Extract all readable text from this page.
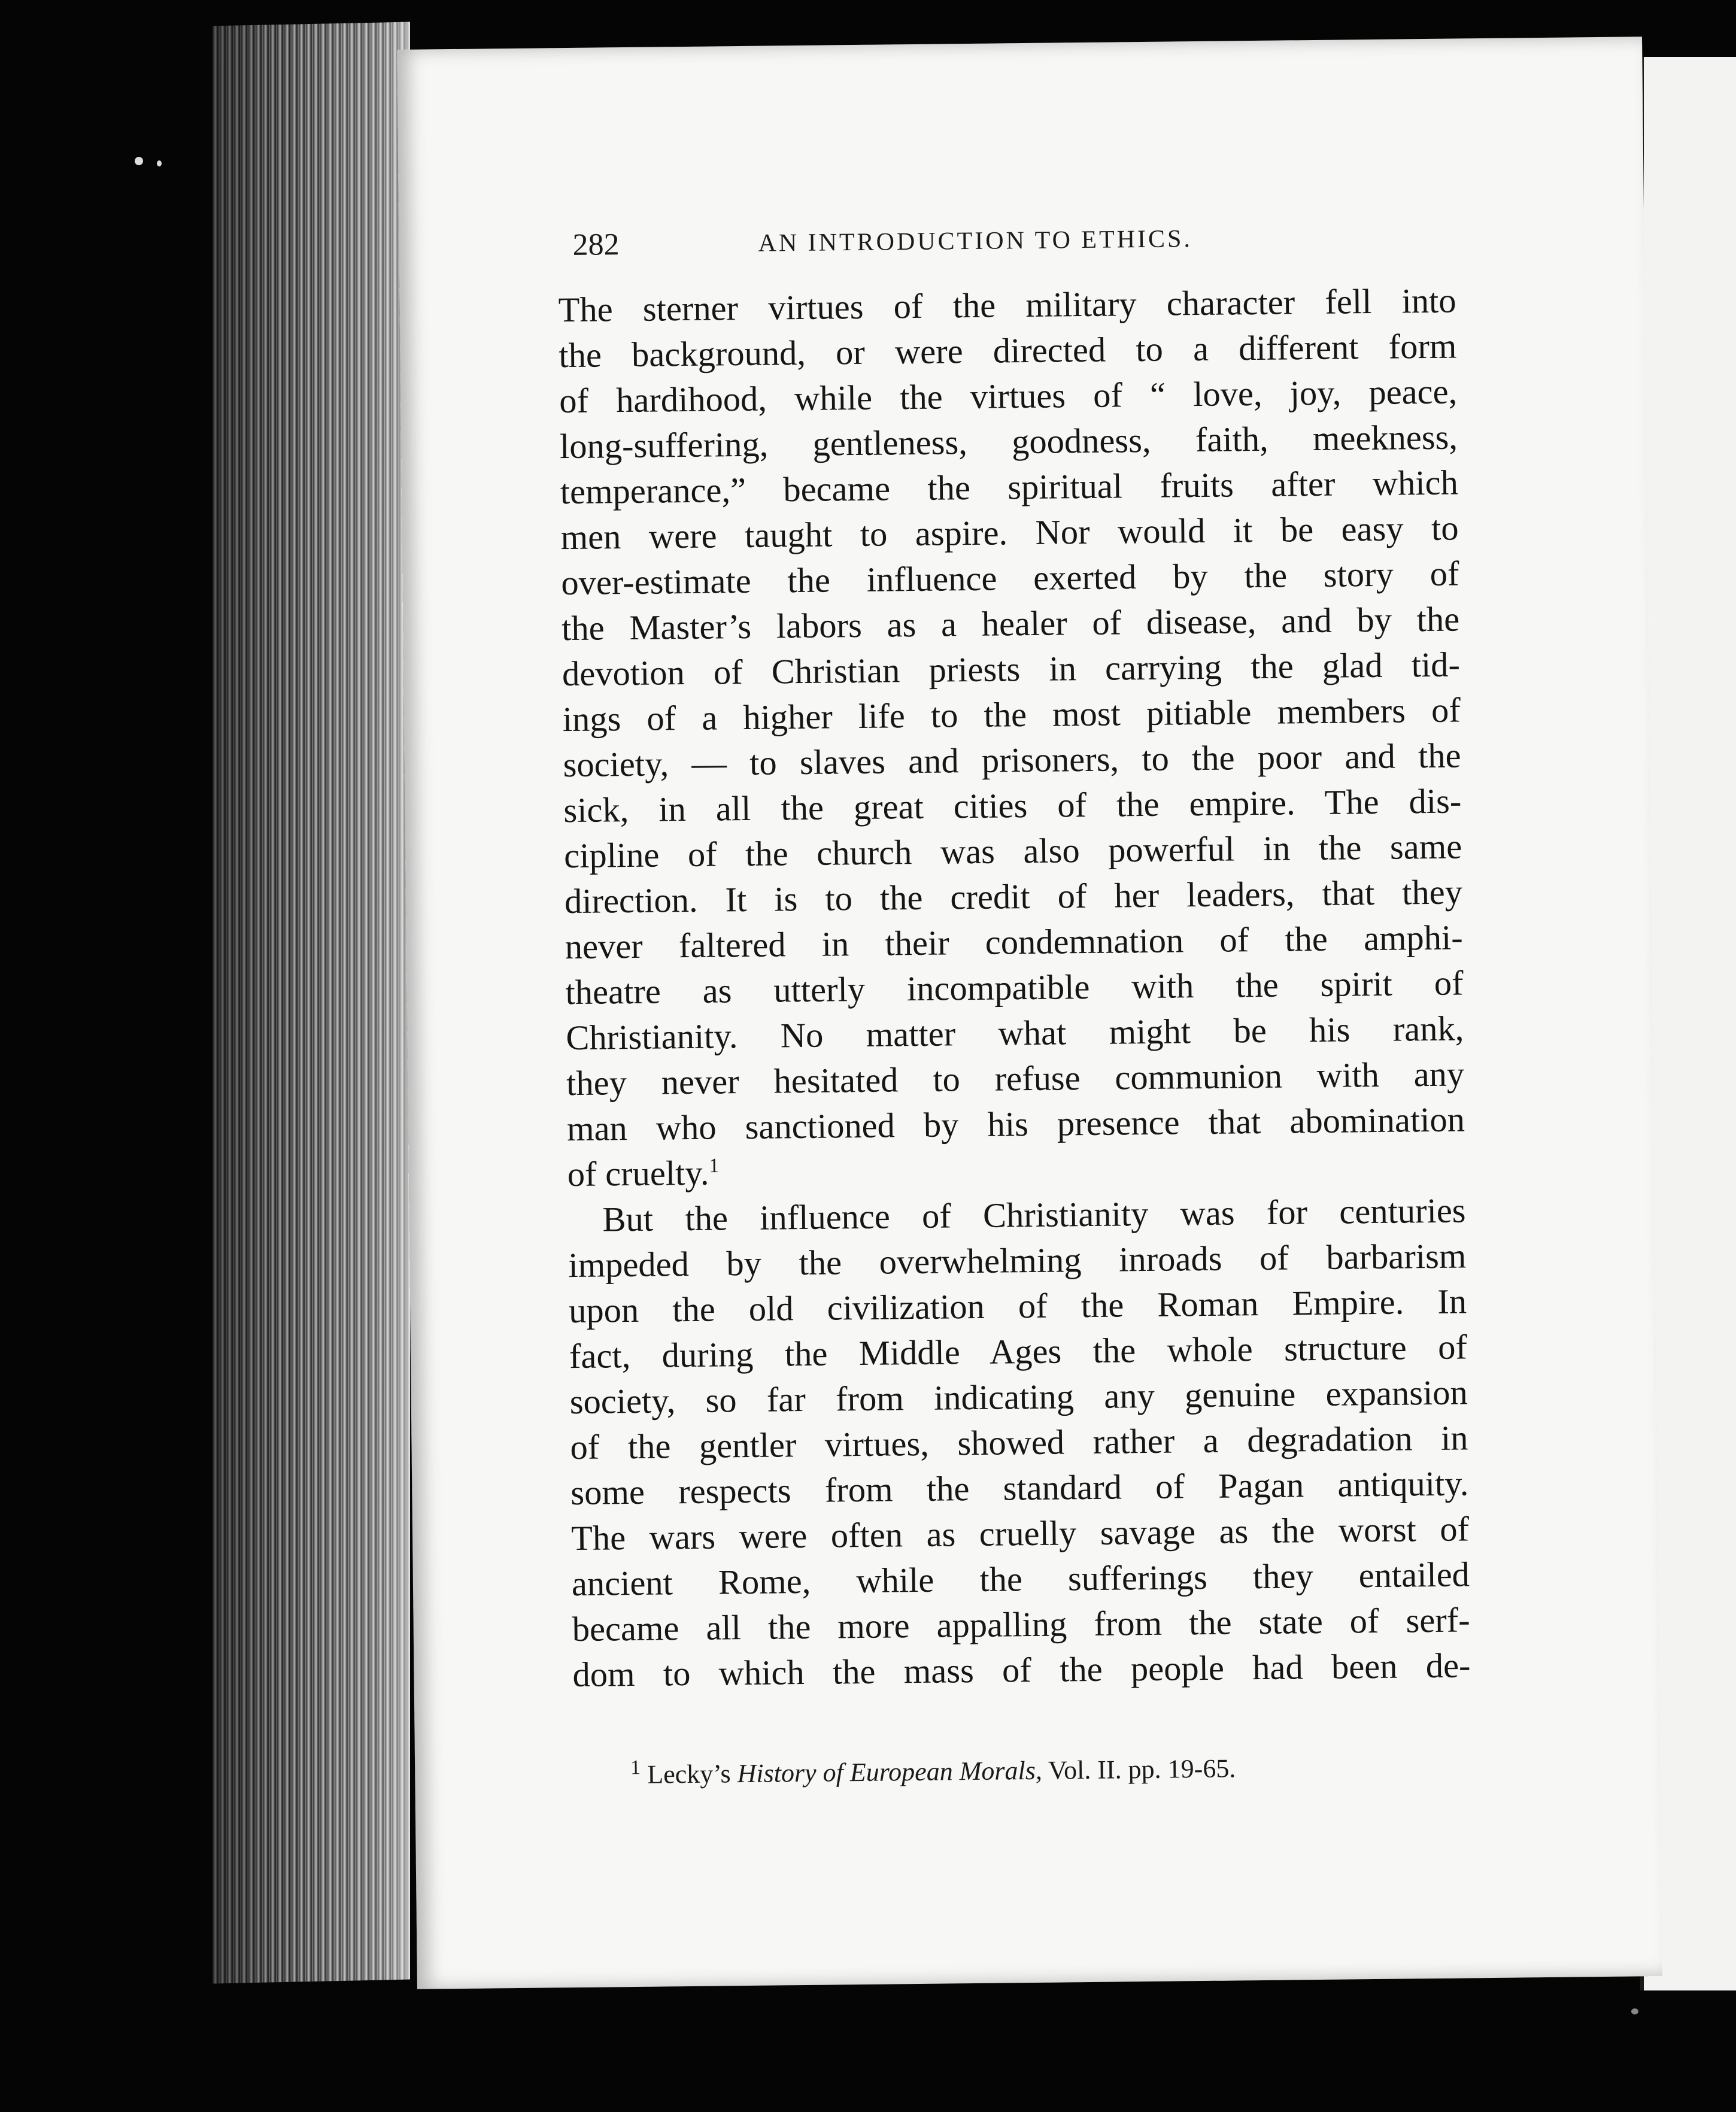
282	AN INTRODUCTION TO ETHICS.
The sterner virtues of the military character fell into
the background, or were directed to a different form
of hardihood, while the virtues of “ love, joy, peace,
long-suffering, gentleness, goodness, faith, meekness,
temperance,” became the spiritual fruits after which
men were taught to aspire. Nor would it be easy to
over-estimate the influence exerted by the story of
the Master’s labors as a healer of disease, and by the
devotion of Christian priests in carrying the glad tid-
ings of a higher life to the most pitiable members of
society, — to slaves and prisoners, to the poor and the
sick, in all the great cities of the empire. The dis-
cipline of the church was also powerful in the same
direction. It is to the credit of her leaders, that they
never faltered in their condemnation of the amphi-
theatre as utterly incompatible with the spirit of
Christianity. No matter what might be his rank,
they never hesitated to refuse communion with any
man who sanctioned by his presence that abomination
of cruelty.$^1$
But the influence of Christianity was for centuries
impeded by the overwhelming inroads of barbarism
upon the old civilization of the Roman Empire. In
fact, during the Middle Ages the whole structure of
society, so far from indicating any genuine expansion
of the gentler virtues, showed rather a degradation in
some respects from the standard of Pagan antiquity.
The wars were often as cruelly savage as the worst of
ancient Rome, while the sufferings they entailed
became all the more appalling from the state of serf-
dom to which the mass of the people had been de-
$^1$ Lecky’s History of European Morals, Vol. II. pp. 19-65.
